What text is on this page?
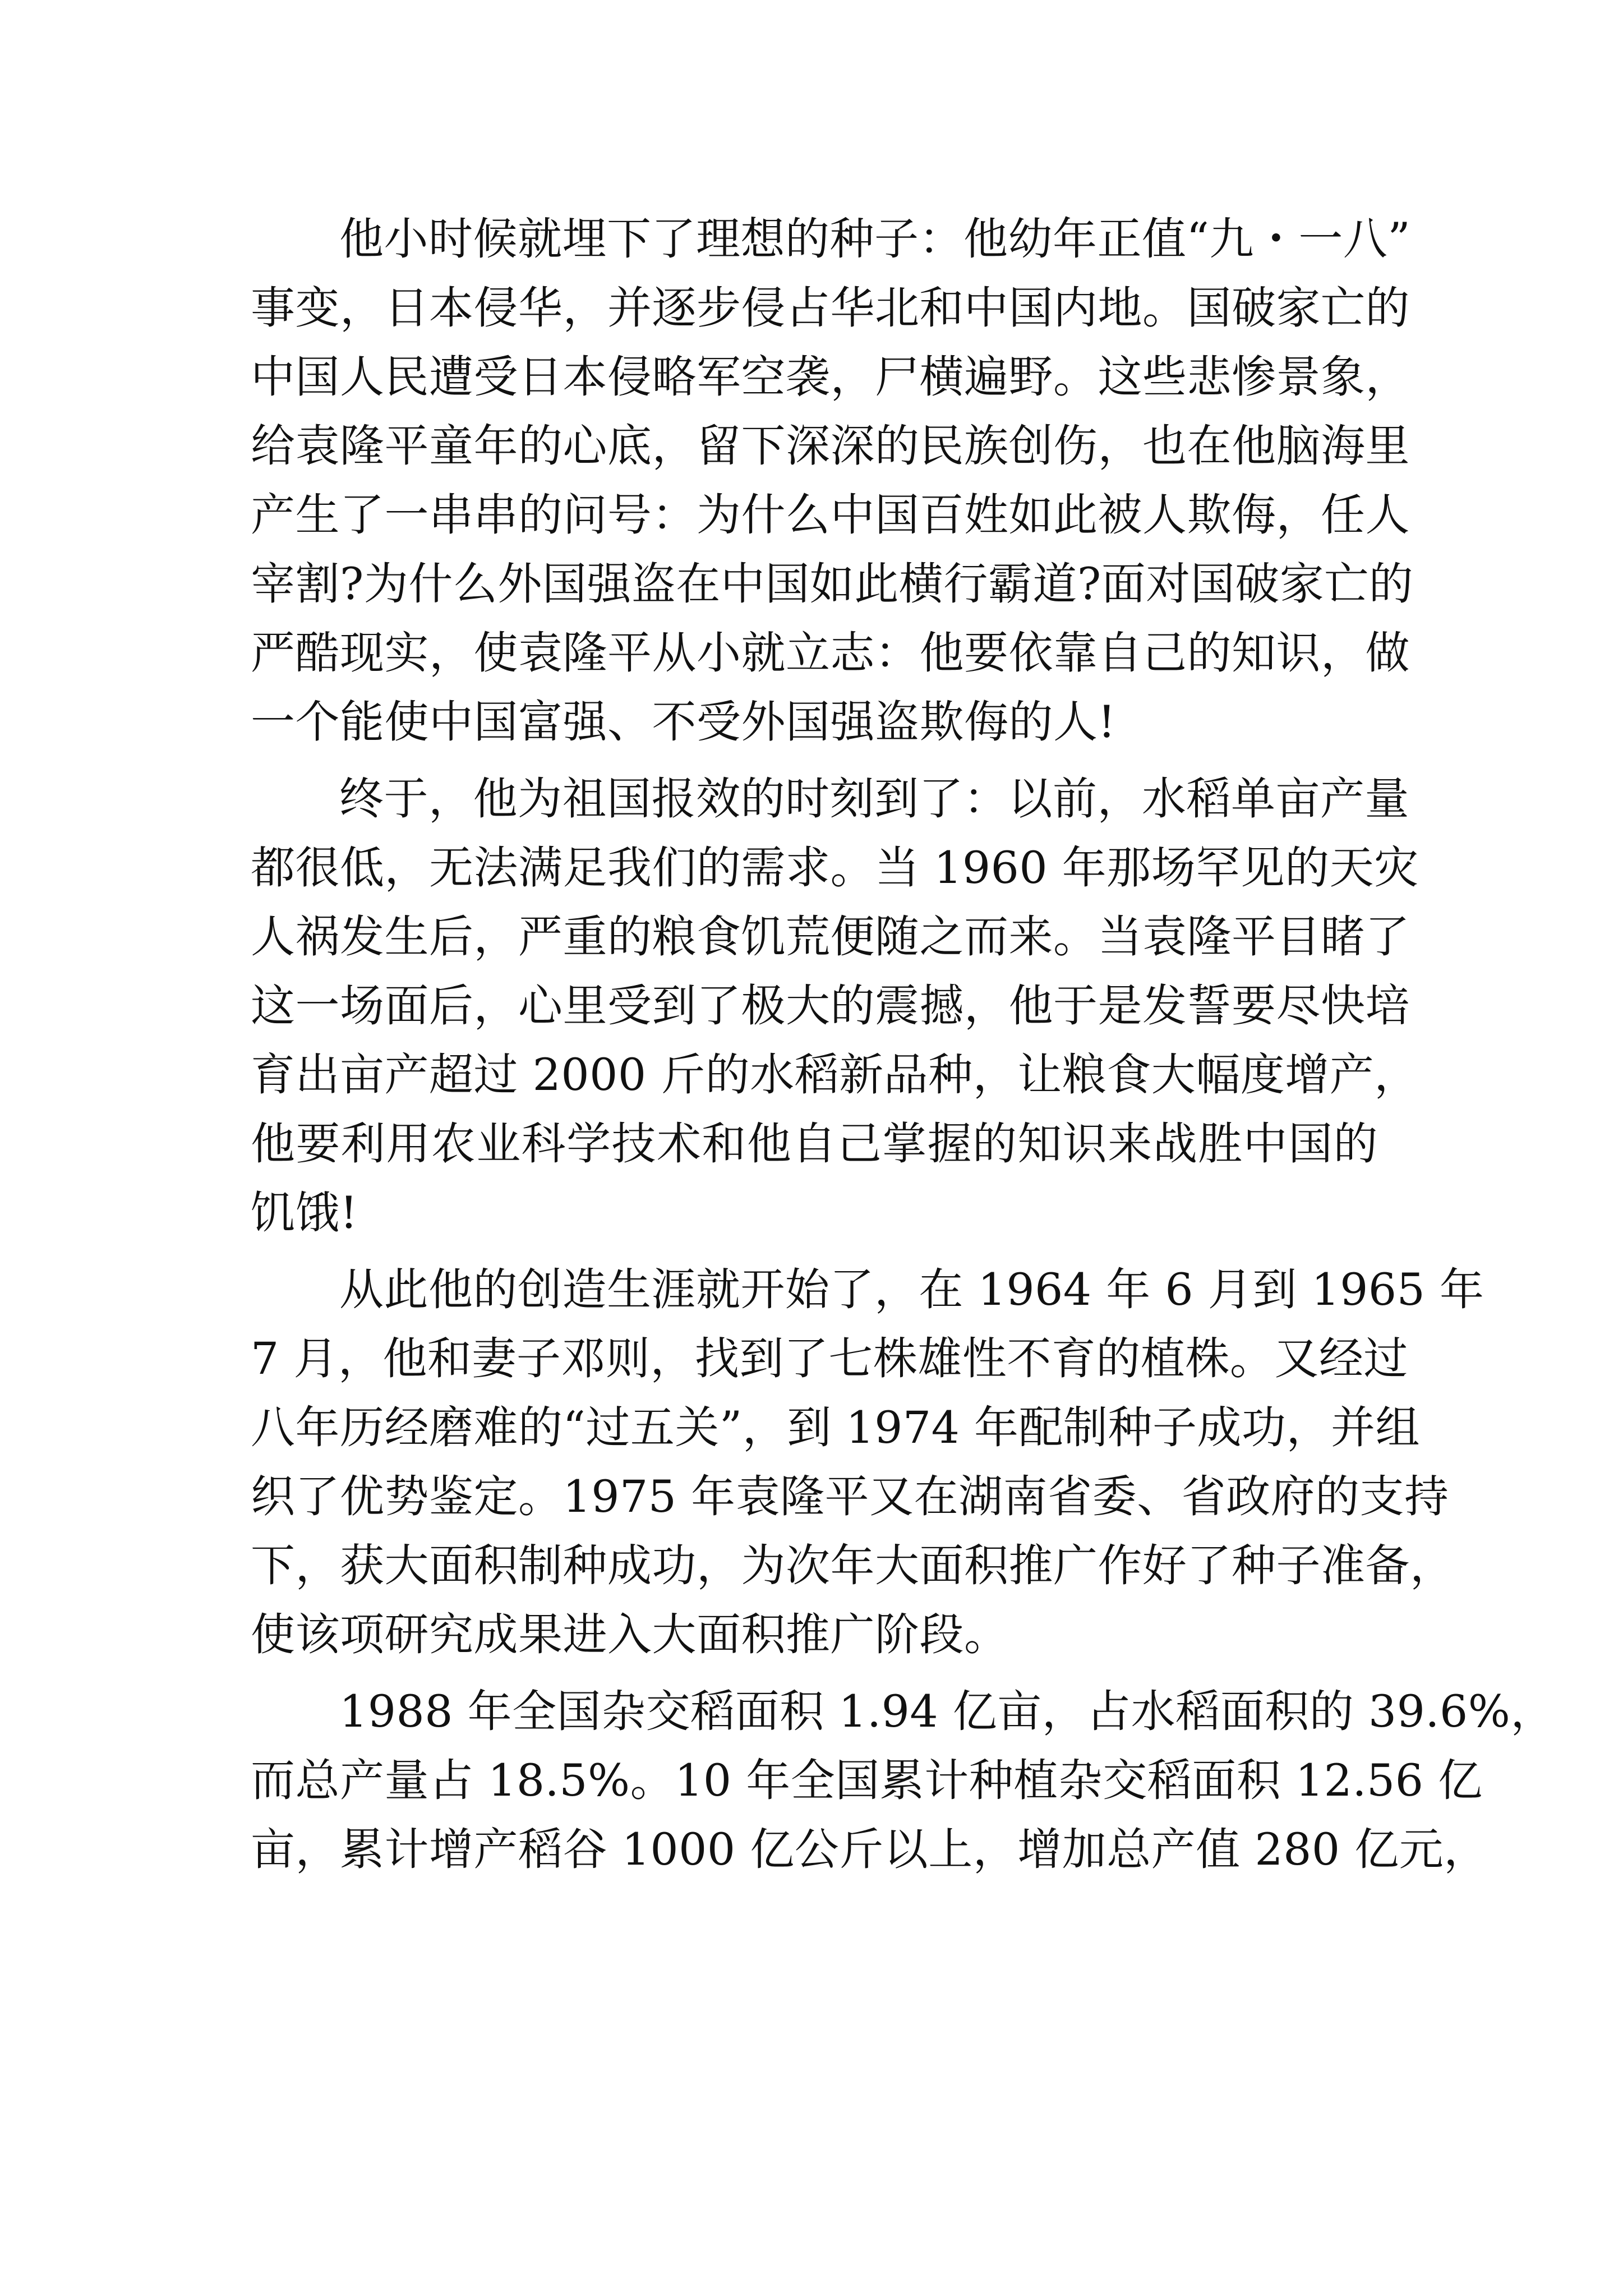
他小时候就埋下了理想的种子：他幼年正值“九・一八”
事变，日本侵华，并逐步侵占华北和中国内地。国破家亡的
中国人民遭受日本侵略军空袭，尸横遍野。这些悲惨景象，
给袁隆平童年的心底，留下深深的民族创伤，也在他脑海里
产生了一串串的问号：为什么中国百姓如此被人欺侮，任人
宰割?为什么外国强盗在中国如此横行霸道?面对国破家亡的
严酷现实，使袁隆平从小就立志：他要依靠自己的知识，做
一个能使中国富强、不受外国强盗欺侮的人!
终于，他为祖国报效的时刻到了：以前，水稻单亩产量
都很低，无法满足我们的需求。当 1960 年那场罕见的天灾
人祸发生后，严重的粮食饥荒便随之而来。当袁隆平目睹了
这一场面后，心里受到了极大的震撼，他于是发誓要尽快培
育出亩产超过 2000 斤的水稻新品种，让粮食大幅度增产，
他要利用农业科学技术和他自己掌握的知识来战胜中国的
饥饿!
从此他的创造生涯就开始了，在 1964 年 6 月到 1965 年
7 月，他和妻子邓则，找到了七株雄性不育的植株。又经过
八年历经磨难的“过五关”，到 1974 年配制种子成功，并组
织了优势鉴定。1975 年袁隆平又在湖南省委、省政府的支持
下，获大面积制种成功，为次年大面积推广作好了种子准备，
使该项研究成果进入大面积推广阶段。
1988 年全国杂交稻面积 1.94 亿亩，占水稻面积的 39.6%，
而总产量占 18.5%。10 年全国累计种植杂交稻面积 12.56 亿
亩，累计增产稻谷 1000 亿公斤以上，增加总产值 280 亿元，
